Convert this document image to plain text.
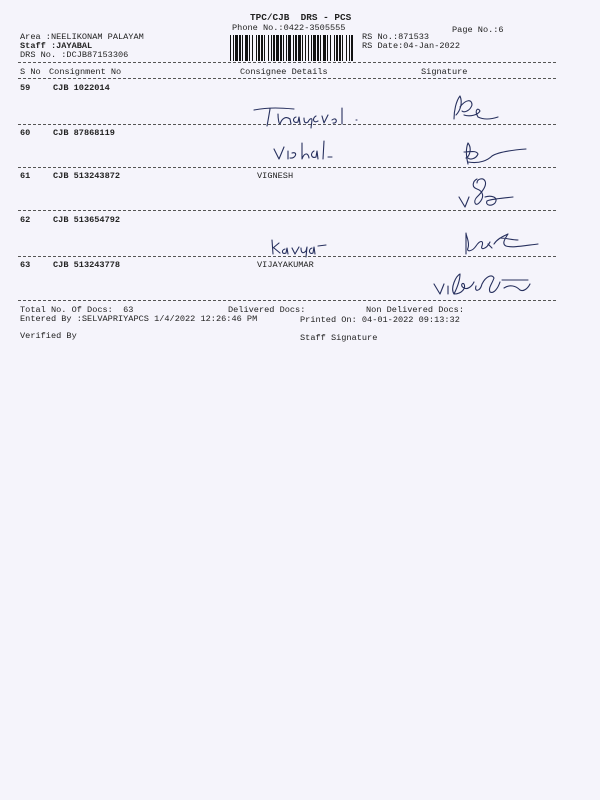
TPC/CJB  DRS - PCS
Phone No.:0422-3505555	Page No.:6
Area :NEELIKONAM PALAYAM
Staff :JAYABAL
DRS No. :DCJB87153306
RS No.:871533
RS Date:04-Jan-2022
S No Consignment No	Consignee Details	Signature
59	CJB 1022014
60	CJB 87868119
61	CJB 513243872	VIGNESH
62	CJB 513654792
63	CJB 513243778	VIJAYAKUMAR
Total No. Of Docs:  63	Delivered Docs:	Non Delivered Docs:
Entered By :SELVAPRIYAPCS 1/4/2022 12:26:46 PM	Printed On: 04-01-2022 09:13:32
Verified By	Staff Signature
